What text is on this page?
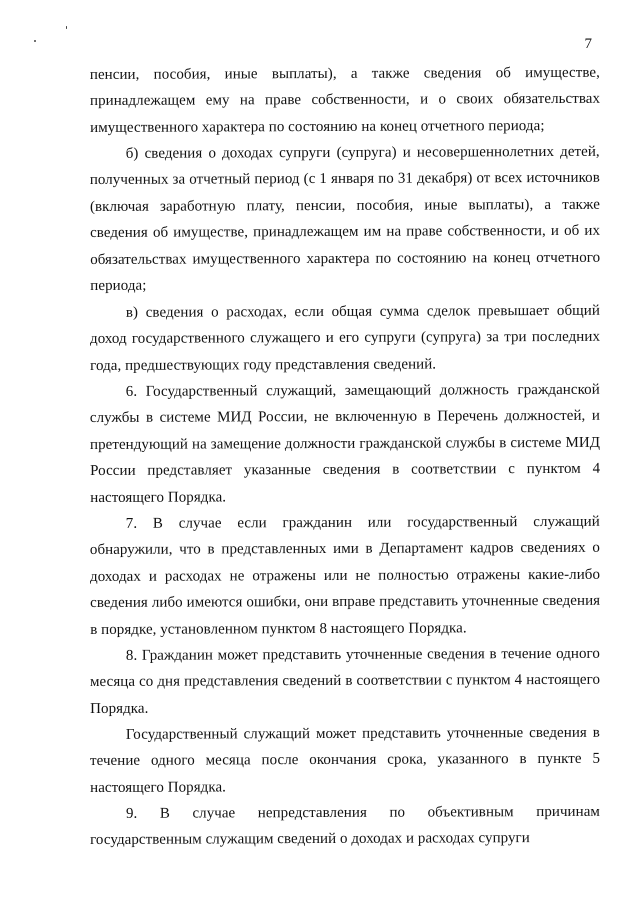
7

пенсии, пособия, иные выплаты), а также сведения об имуществе, принадлежащем ему на праве собственности, и о своих обязательствах имущественного характера по состоянию на конец отчетного периода;

б) сведения о доходах супруги (супруга) и несовершеннолетних детей, полученных за отчетный период (с 1 января по 31 декабря) от всех источников (включая заработную плату, пенсии, пособия, иные выплаты), а также сведения об имуществе, принадлежащем им на праве собственности, и об их обязательствах имущественного характера по состоянию на конец отчетного периода;

в) сведения о расходах, если общая сумма сделок превышает общий доход государственного служащего и его супруги (супруга) за три последних года, предшествующих году представления сведений.

6. Государственный служащий, замещающий должность гражданской службы в системе МИД России, не включенную в Перечень должностей, и претендующий на замещение должности гражданской службы в системе МИД России представляет указанные сведения в соответствии с пунктом 4 настоящего Порядка.

7. В случае если гражданин или государственный служащий обнаружили, что в представленных ими в Департамент кадров сведениях о доходах и расходах не отражены или не полностью отражены какие-либо сведения либо имеются ошибки, они вправе представить уточненные сведения в порядке, установленном пунктом 8 настоящего Порядка.

8. Гражданин может представить уточненные сведения в течение одного месяца со дня представления сведений в соответствии с пунктом 4 настоящего Порядка.

Государственный служащий может представить уточненные сведения в течение одного месяца после окончания срока, указанного в пункте 5 настоящего Порядка.

9. В случае непредставления по объективным причинам государственным служащим сведений о доходах и расходах супруги
